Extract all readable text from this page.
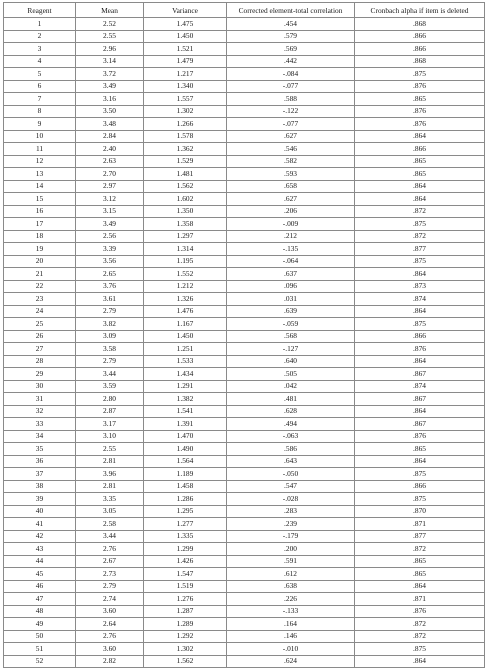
Reagent	Mean	Variance	Corrected element-total correlation	Cronbach alpha if item is deleted
1	2.52	1.475	.454	.868
2	2.55	1.450	.579	.866
3	2.96	1.521	.569	.866
4	3.14	1.479	.442	.868
5	3.72	1.217	-.084	.875
6	3.49	1.340	-.077	.876
7	3.16	1.557	.588	.865
8	3.50	1.302	-.122	.876
9	3.48	1.266	-.077	.876
10	2.84	1.578	.627	.864
11	2.40	1.362	.546	.866
12	2.63	1.529	.582	.865
13	2.70	1.481	.593	.865
14	2.97	1.562	.658	.864
15	3.12	1.602	.627	.864
16	3.15	1.350	.206	.872
17	3.49	1.358	-.009	.875
18	2.56	1.297	.212	.872
19	3.39	1.314	-.135	.877
20	3.56	1.195	-.064	.875
21	2.65	1.552	.637	.864
22	3.76	1.212	.096	.873
23	3.61	1.326	.031	.874
24	2.79	1.476	.639	.864
25	3.82	1.167	-.059	.875
26	3.09	1.450	.568	.866
27	3.58	1.251	-.127	.876
28	2.79	1.533	.640	.864
29	3.44	1.434	.505	.867
30	3.59	1.291	.042	.874
31	2.80	1.382	.481	.867
32	2.87	1.541	.628	.864
33	3.17	1.391	.494	.867
34	3.10	1.470	-.063	.876
35	2.55	1.490	.586	.865
36	2.81	1.564	.643	.864
37	3.96	1.189	-.050	.875
38	2.81	1.458	.547	.866
39	3.35	1.286	-.028	.875
40	3.05	1.295	.283	.870
41	2.58	1.277	.239	.871
42	3.44	1.335	-.179	.877
43	2.76	1.299	.200	.872
44	2.67	1.426	.591	.865
45	2.73	1.547	.612	.865
46	2.79	1.519	.638	.864
47	2.74	1.276	.226	.871
48	3.60	1.287	-.133	.876
49	2.64	1.289	.164	.872
50	2.76	1.292	.146	.872
51	3.60	1.302	-.010	.875
52	2.82	1.562	.624	.864
